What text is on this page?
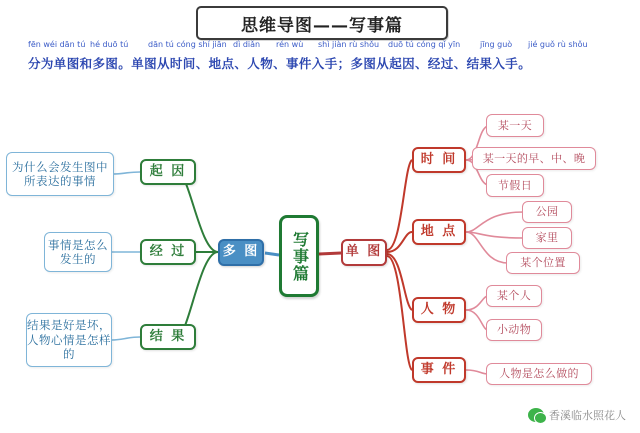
思维导图——写事篇
fēn wéi dān tú hé duō tú dān tú cóng shí jiān dì diǎn rén wù shì jiàn rù shǒu duō tú cóng qǐ yīn jīng guò jié guǒ rù shǒu
分为单图和多图。单图从时间、地点、人物、事件入手；多图从起因、经过、结果入手。
写事篇
多 图	单 图
起 因
经 过
结 果
为什么会发生图中所表达的事情
事情是怎么发生的
结果是好是坏，人物心情是怎样的
时 间
地 点
人 物
事 件
某一天
某一天的早、中、晚
节假日
公园
家里
某个位置
某个人
小动物
人物是怎么做的
香溪临水照花人
